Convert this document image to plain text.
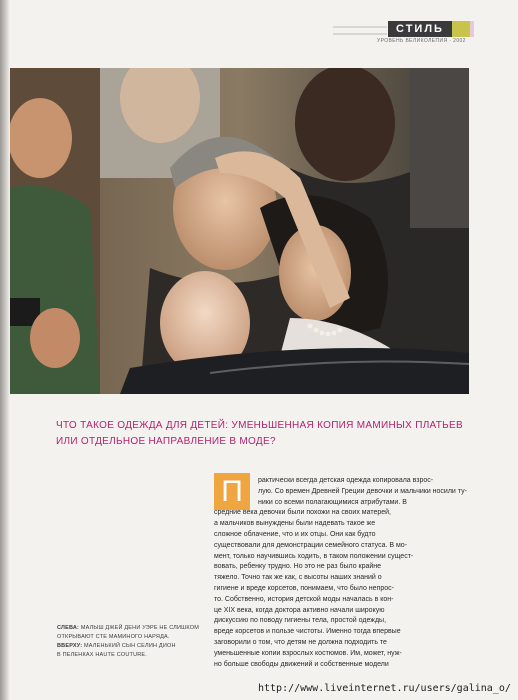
СТИЛЬ
УРОВЕНЬ ВЕЛИКОЛЕПИЯ · 2002
ЧТО ТАКОЕ ОДЕЖДА ДЛЯ ДЕТЕЙ: УМЕНЬШЕННАЯ КОПИЯ МАМИНЫХ ПЛАТЬЕВ ИЛИ ОТДЕЛЬНОЕ НАПРАВЛЕНИЕ В МОДЕ?
П	рактически всегда детская одежда копировала взрос-
лую. Со времен Древней Греции девочки и мальчики носили ту-
ники со всеми полагающимися атрибутами. В
средние века девочки были похожи на своих матерей,
а мальчиков вынуждены были надевать такое же
сложное облачение, что и их отцы. Они как будто
существовали для демонстрации семейного статуса. В мо-
мент, только научившись ходить, в таком положении сущест-
вовать, ребенку трудно. Но это не раз было крайне
тяжело. Точно так же как, с высоты наших знаний о
гигиене и вреде корсетов, понимаем, что было непрос-
то. Собственно, история детской моды началась в кон-
це XIX века, когда доктора активно начали широкую
дискуссию по поводу гигиены тела, простой одежды,
вреде корсетов и пользе чистоты. Именно тогда впервые
заговорили о том, что детям не должна подходить те
уменьшенные копии взрослых костюмов. Им, может, нуж-
но больше свободы движений и собственные модели
СЛЕВА: МАЛЫШ ДЖЕЙ ДЕНИ УЭРЕ НЕ СЛИШКОМ
ОТКРЫВАЮТ СТЕ МАМИНОГО НАРЯДА.
ВВЕРХУ: МАЛЕНЬКИЙ СЫН СЕЛИН ДИОН
В ПЕЛЕНКАХ HAUTE COUTURE.
http://www.liveinternet.ru/users/galina_o/
